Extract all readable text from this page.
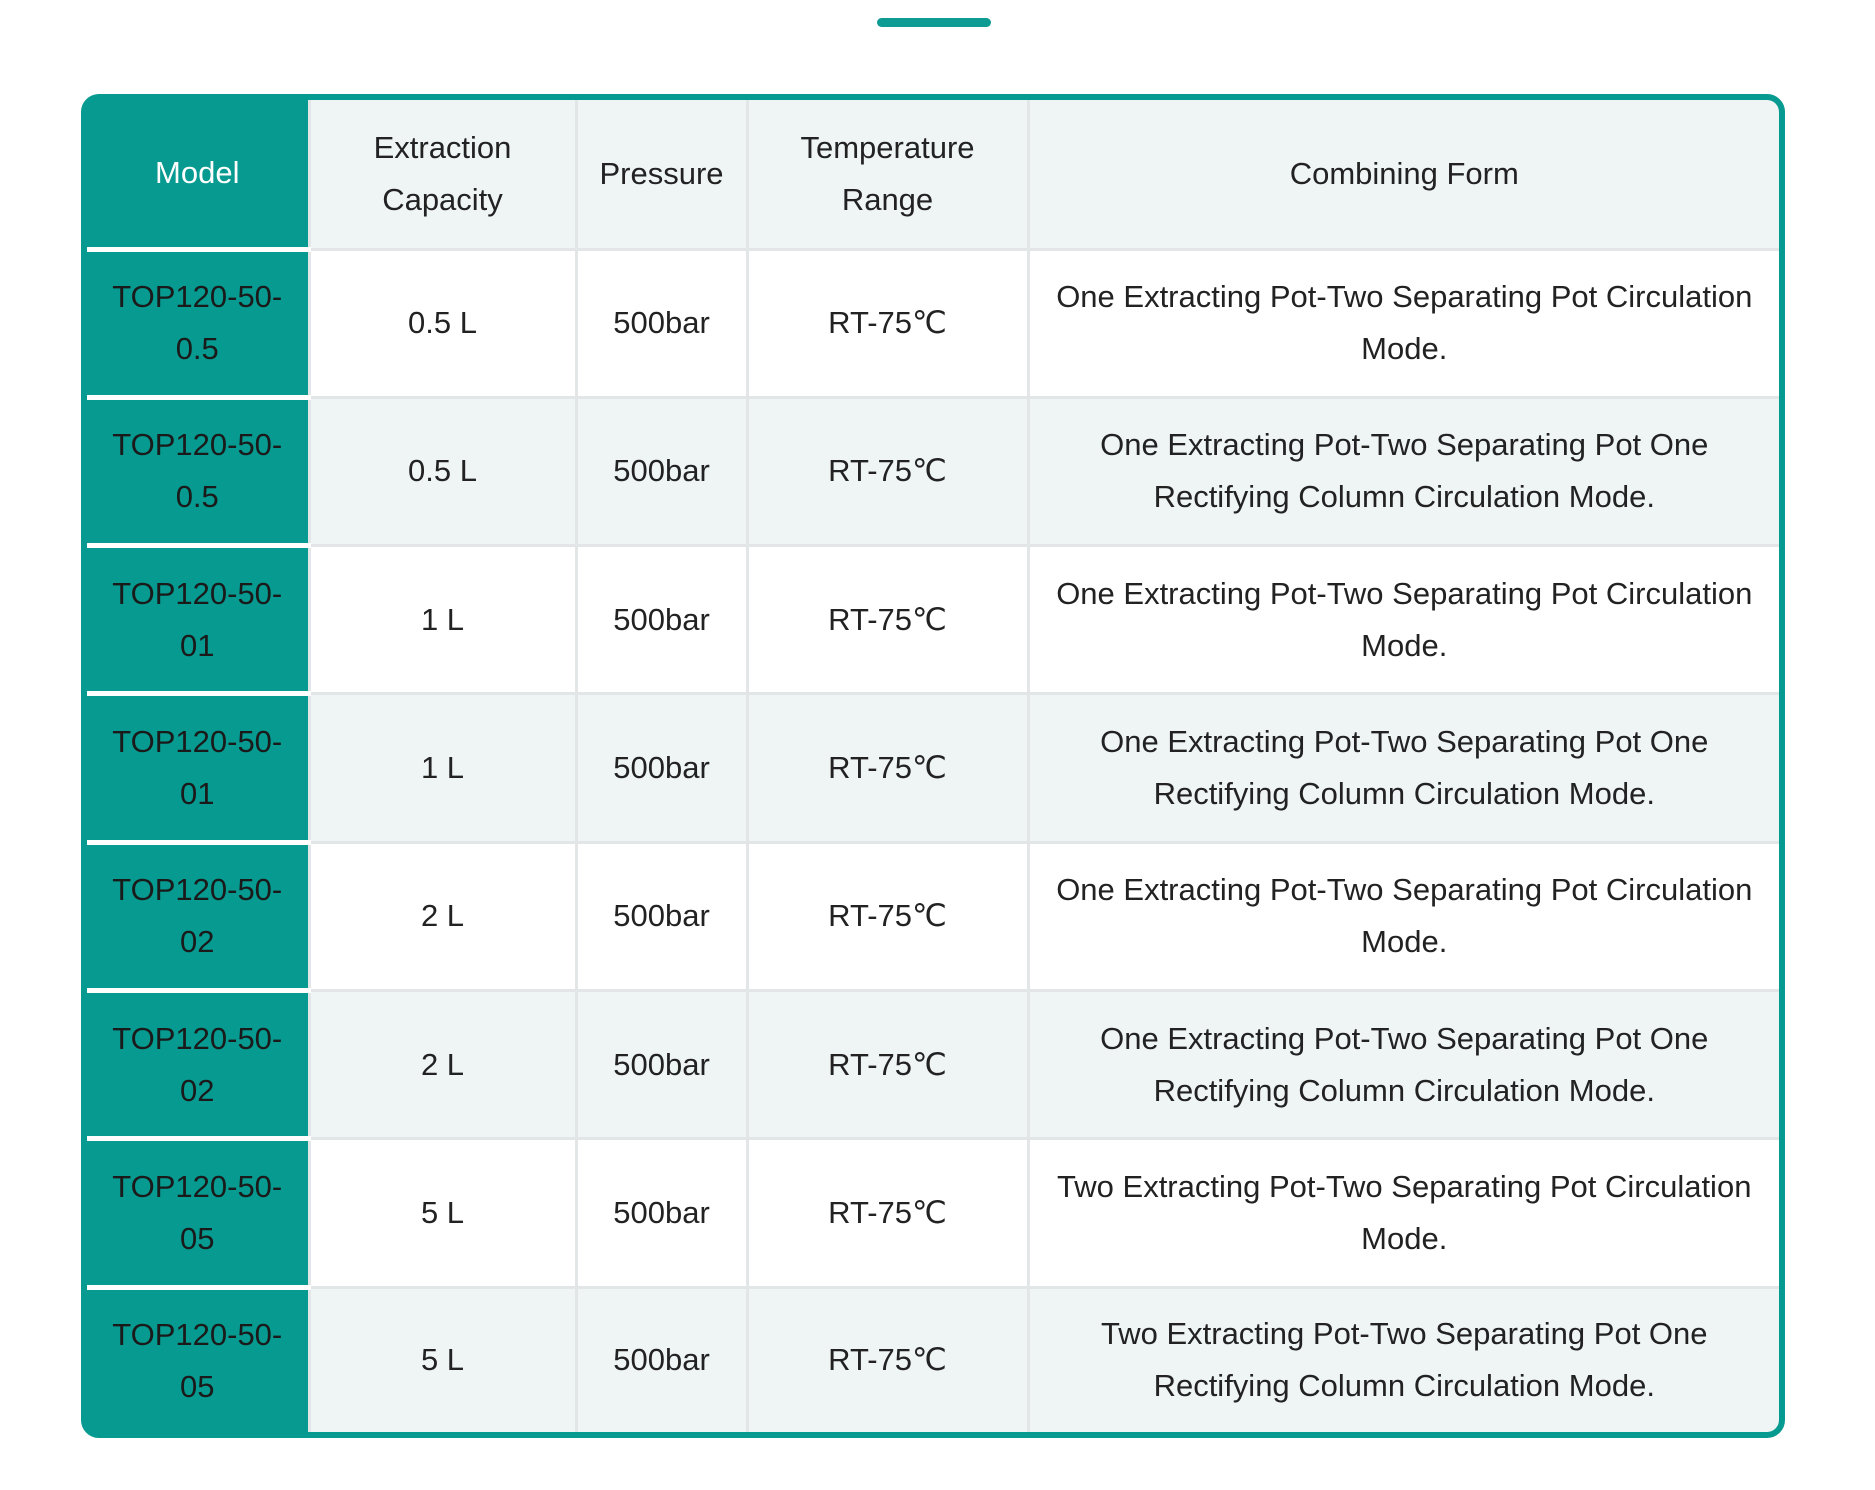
Model	Extraction Capacity	Pressure	Temperature Range	Combining Form
TOP120-50-0.5	0.5 L	500bar	RT-75℃	One Extracting Pot-Two Separating Pot Circulation Mode.
TOP120-50-0.5	0.5 L	500bar	RT-75℃	One Extracting Pot-Two Separating Pot One Rectifying Column Circulation Mode.
TOP120-50-01	1 L	500bar	RT-75℃	One Extracting Pot-Two Separating Pot Circulation Mode.
TOP120-50-01	1 L	500bar	RT-75℃	One Extracting Pot-Two Separating Pot One Rectifying Column Circulation Mode.
TOP120-50-02	2 L	500bar	RT-75℃	One Extracting Pot-Two Separating Pot Circulation Mode.
TOP120-50-02	2 L	500bar	RT-75℃	One Extracting Pot-Two Separating Pot One Rectifying Column Circulation Mode.
TOP120-50-05	5 L	500bar	RT-75℃	Two Extracting Pot-Two Separating Pot Circulation Mode.
TOP120-50-05	5 L	500bar	RT-75℃	Two Extracting Pot-Two Separating Pot One Rectifying Column Circulation Mode.
